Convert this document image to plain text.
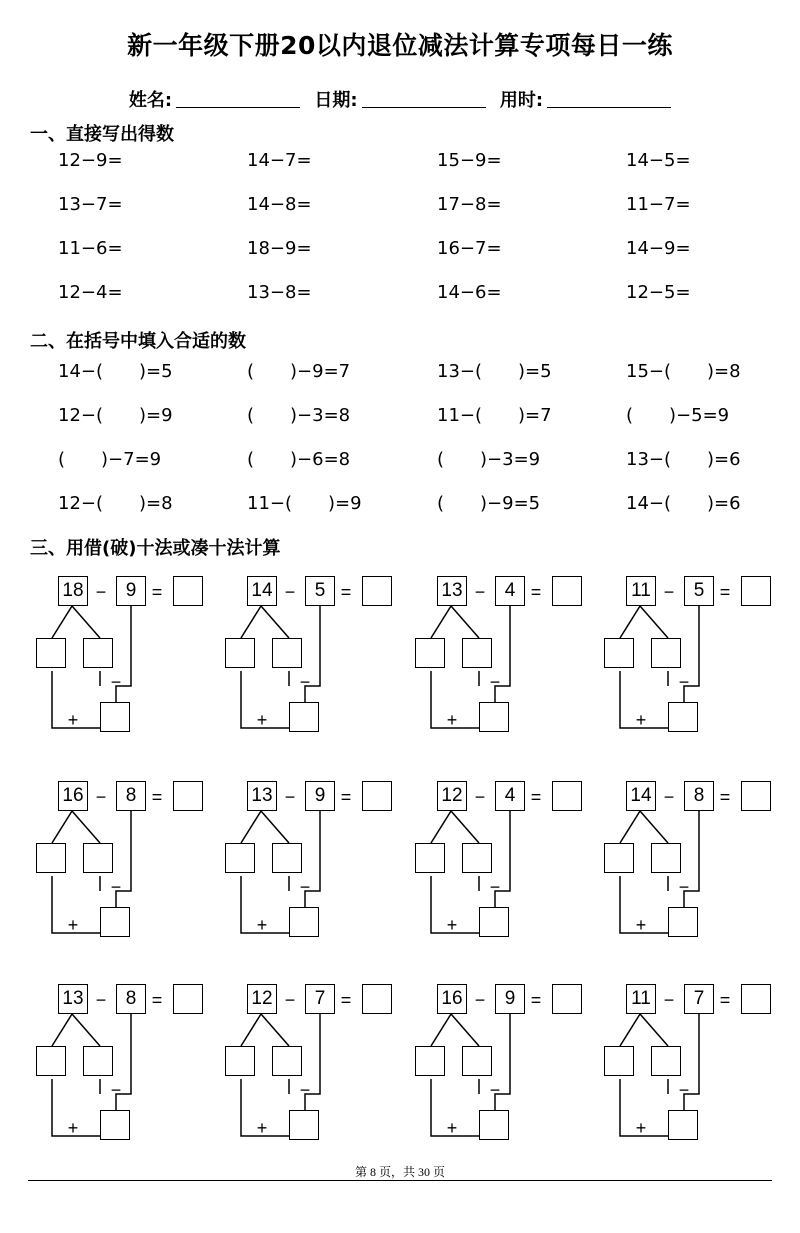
新一年级下册20以内退位减法计算专项每日一练
姓名:	日期:	用时:
一、直接写出得数
12−9=	14−7=	15−9=	14−5=
13−7=	14−8=	17−8=	11−7=
11−6=	18−9=	16−7=	14−9=
12−4=	13−8=	14−6=	12−5=
二、在括号中填入合适的数
14−(　　)=5	(　　)−9=7	13−(　　)=5	15−(　　)=8
12−(　　)=9	(　　)−3=8	11−(　　)=7	(　　)−5=9
(　　)−7=9	(　　)−6=8	(　　)−3=9	13−(　　)=6
12−(　　)=8	11−(　　)=9	(　　)−9=5	14−(　　)=6
三、用借(破)十法或凑十法计算
18 −	9 =
−
+
14 −	5 =
−
+
13 −	4 =
−
+
11 −	5 =
−
+
16 −	8 =
−
+
13 −	9 =
−
+
12 −	4 =
−
+
14 −	8 =
−
+
13 −	8 =
−
+
12 −	7 =
−
+
16 −	9 =
−
+
11 −	7 =
−
+
第 8 页，共 30 页
